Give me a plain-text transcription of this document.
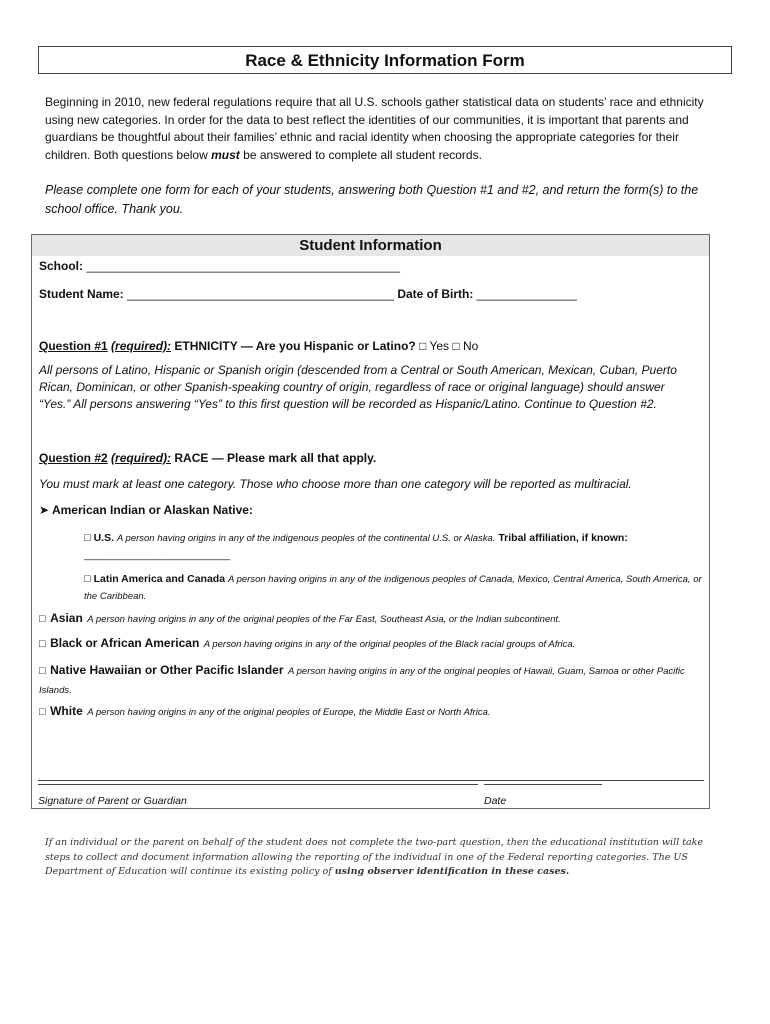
Race & Ethnicity Information Form
Beginning in 2010, new federal regulations require that all U.S. schools gather statistical data on students’ race and ethnicity using new categories. In order for the data to best reflect the identities of our communities, it is important that parents and guardians be thoughtful about their families’ ethnic and racial identity when choosing the appropriate categories for their children. Both questions below must be answered to complete all student records.
Please complete one form for each of your students, answering both Question #1 and #2, and return the form(s) to the school office. Thank you.
Student Information
School: _______________________________________________
Student Name: ________________________________________ Date of Birth: _______________
Question #1 (required): ETHNICITY — Are you Hispanic or Latino? □ Yes □ No
All persons of Latino, Hispanic or Spanish origin (descended from a Central or South American, Mexican, Cuban, Puerto Rican, Dominican, or other Spanish-speaking country of origin, regardless of race or original language) should answer “Yes.” All persons answering “Yes” to this first question will be recorded as Hispanic/Latino. Continue to Question #2.
Question #2 (required): RACE — Please mark all that apply.
You must mark at least one category. Those who choose more than one category will be reported as multiracial.
➤ American Indian or Alaskan Native:
□ U.S. A person having origins in any of the indigenous peoples of the continental U.S. or Alaska. Tribal affiliation, if known: _________________________
□ Latin America and Canada A person having origins in any of the indigenous peoples of Canada, Mexico, Central America, South America, or the Caribbean.
□ Asian A person having origins in any of the original peoples of the Far East, Southeast Asia, or the Indian subcontinent.
□ Black or African American A person having origins in any of the original peoples of the Black racial groups of Africa.
□ Native Hawaiian or Other Pacific Islander A person having origins in any of the original peoples of Hawaii, Guam, Samoa or other Pacific Islands.
□ White A person having origins in any of the original peoples of Europe, the Middle East or North Africa.
Signature of Parent or Guardian	Date
If an individual or the parent on behalf of the student does not complete the two-part question, then the educational institution will take steps to collect and document information allowing the reporting of the individual in one of the Federal reporting categories. The US Department of Education will continue its existing policy of using observer identification in these cases.
